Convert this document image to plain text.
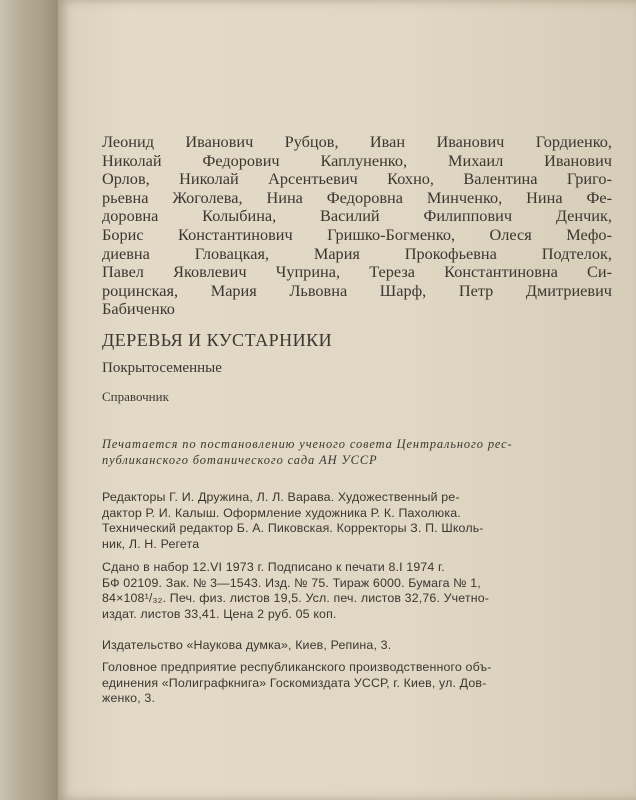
Леонид Иванович Рубцов, Иван Иванович Гордиенко,
Николай Федорович Каплуненко, Михаил Иванович
Орлов, Николай Арсентьевич Кохно, Валентина Григо-
рьевна Жоголева, Нина Федоровна Минченко, Нина Фе-
доровна Колыбина, Василий Филиппович Денчик,
Борис Константинович Гришко-Богменко, Олеся Мефо-
диевна Гловацкая, Мария Прокофьевна Подтелок,
Павел Яковлевич Чуприна, Тереза Константиновна Си-
роцинская, Мария Львовна Шарф, Петр Дмитриевич
Бабиченко
ДЕРЕВЬЯ И КУСТАРНИКИ
Покрытосеменные
Справочник
Печатается по постановлению ученого совета Центрального рес-
публиканского ботанического сада АН УССР
Редакторы Г. И. Дружина, Л. Л. Варава. Художественный ре-
дактор Р. И. Калыш. Оформление художника Р. К. Пахолюка.
Технический редактор Б. А. Пиковская. Корректоры З. П. Школь-
ник, Л. Н. Регета
Сдано в набор 12.VI 1973 г. Подписано к печати 8.I 1974 г.
БФ 02109. Зак. № 3—1543. Изд. № 75. Тираж 6000. Бумага № 1,
84×108¹/₃₂. Печ. физ. листов 19,5. Усл. печ. листов 32,76. Учетно-
издат. листов 33,41. Цена 2 руб. 05 коп.
Издательство «Наукова думка», Киев, Репина, 3.
Головное предприятие республиканского производственного объ-
единения «Полиграфкнига» Госкомиздата УССР, г. Киев, ул. Дов-
женко, 3.
